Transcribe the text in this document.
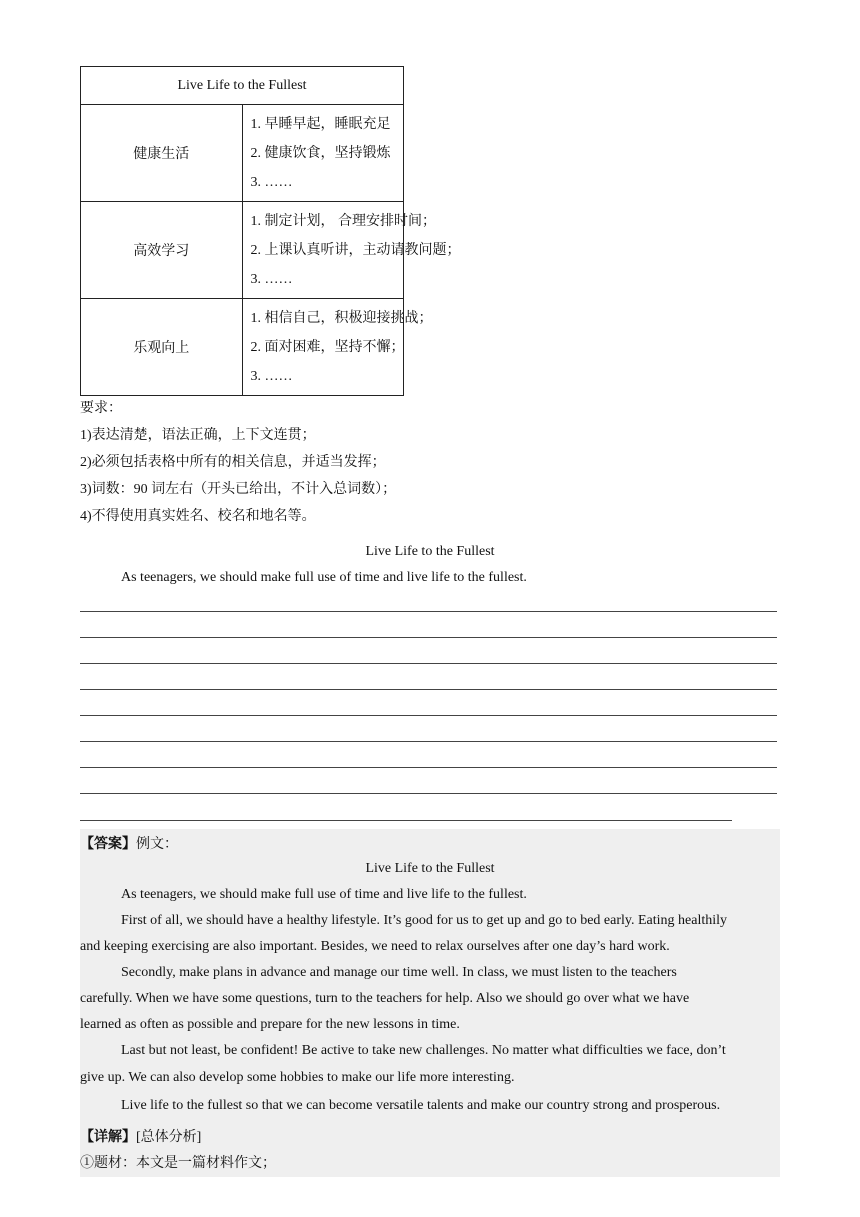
Live Life to the Fullest	
健康生活	1. 早睡早起，睡眠充足
2. 健康饮食，坚持锻炼
3. ……

高效学习	1. 制定计划， 合理安排时间；
2. 上课认真听讲，主动请教问题；
3. ……

乐观向上	1. 相信自己，积极迎接挑战；
2. 面对困难，坚持不懈；
3. ……
要求：
1)表达清楚，语法正确，上下文连贯；
2)必须包括表格中所有的相关信息，并适当发挥；
3)词数：90 词左右（开头已给出，不计入总词数）；
4)不得使用真实姓名、校名和地名等。
Live Life to the Fullest
As teenagers, we should make full use of time and live life to the fullest.
【答案】例文：
Live Life to the Fullest
As teenagers, we should make full use of time and live life to the fullest.
First of all, we should have a healthy lifestyle. It’s good for us to get up and go to bed early. Eating healthily
and keeping exercising are also important. Besides, we need to relax ourselves after one day’s hard work.
Secondly, make plans in advance and manage our time well. In class, we must listen to the teachers
carefully. When we have some questions, turn to the teachers for help. Also we should go over what we have
learned as often as possible and prepare for the new lessons in time.
Last but not least, be confident! Be active to take new challenges. No matter what difficulties we face, don’t
give up. We can also develop some hobbies to make our life more interesting.
Live life to the fullest so that we can become versatile talents and make our country strong and prosperous.
【详解】[总体分析]
①题材：本文是一篇材料作文；
